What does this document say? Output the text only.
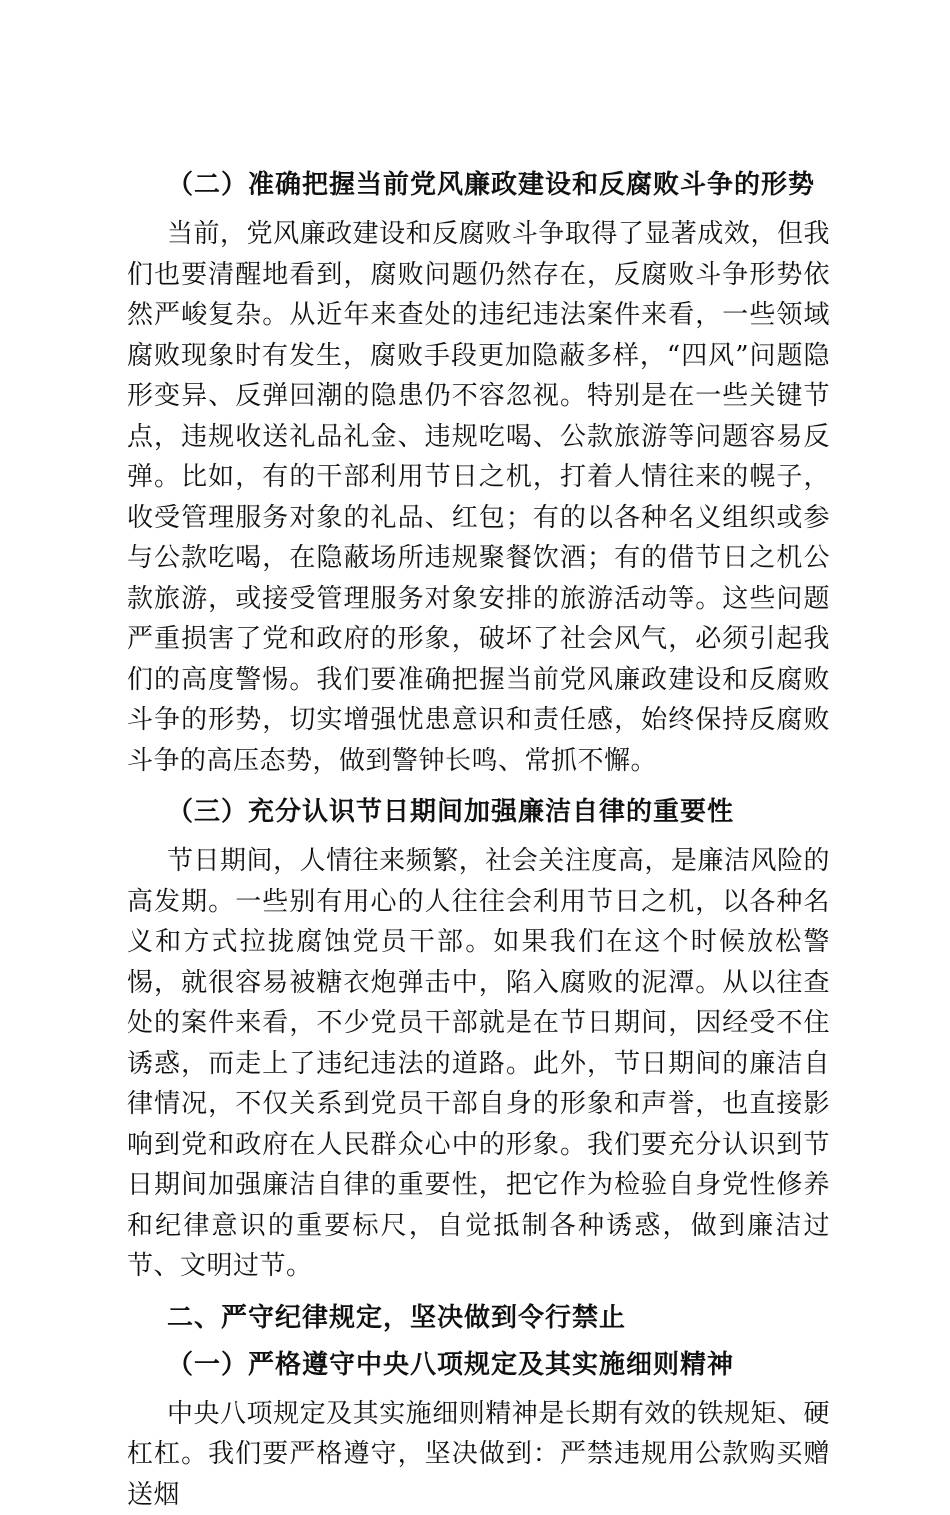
（二）准确把握当前党风廉政建设和反腐败斗争的形势

当前，党风廉政建设和反腐败斗争取得了显著成效，但我们也要清醒地看到，腐败问题仍然存在，反腐败斗争形势依然严峻复杂。从近年来查处的违纪违法案件来看，一些领域腐败现象时有发生，腐败手段更加隐蔽多样，“四风”问题隐形变异、反弹回潮的隐患仍不容忽视。特别是在一些关键节点，违规收送礼品礼金、违规吃喝、公款旅游等问题容易反弹。比如，有的干部利用节日之机，打着人情往来的幌子，收受管理服务对象的礼品、红包；有的以各种名义组织或参与公款吃喝，在隐蔽场所违规聚餐饮酒；有的借节日之机公款旅游，或接受管理服务对象安排的旅游活动等。这些问题严重损害了党和政府的形象，破坏了社会风气，必须引起我们的高度警惕。我们要准确把握当前党风廉政建设和反腐败斗争的形势，切实增强忧患意识和责任感，始终保持反腐败斗争的高压态势，做到警钟长鸣、常抓不懈。

（三）充分认识节日期间加强廉洁自律的重要性

节日期间，人情往来频繁，社会关注度高，是廉洁风险的高发期。一些别有用心的人往往会利用节日之机，以各种名义和方式拉拢腐蚀党员干部。如果我们在这个时候放松警惕，就很容易被糖衣炮弹击中，陷入腐败的泥潭。从以往查处的案件来看，不少党员干部就是在节日期间，因经受不住诱惑，而走上了违纪违法的道路。此外，节日期间的廉洁自律情况，不仅关系到党员干部自身的形象和声誉，也直接影响到党和政府在人民群众心中的形象。我们要充分认识到节日期间加强廉洁自律的重要性，把它作为检验自身党性修养和纪律意识的重要标尺，自觉抵制各种诱惑，做到廉洁过节、文明过节。

二、严守纪律规定，坚决做到令行禁止

（一）严格遵守中央八项规定及其实施细则精神

中央八项规定及其实施细则精神是长期有效的铁规矩、硬杠杠。我们要严格遵守，坚决做到：严禁违规用公款购买赠送烟
